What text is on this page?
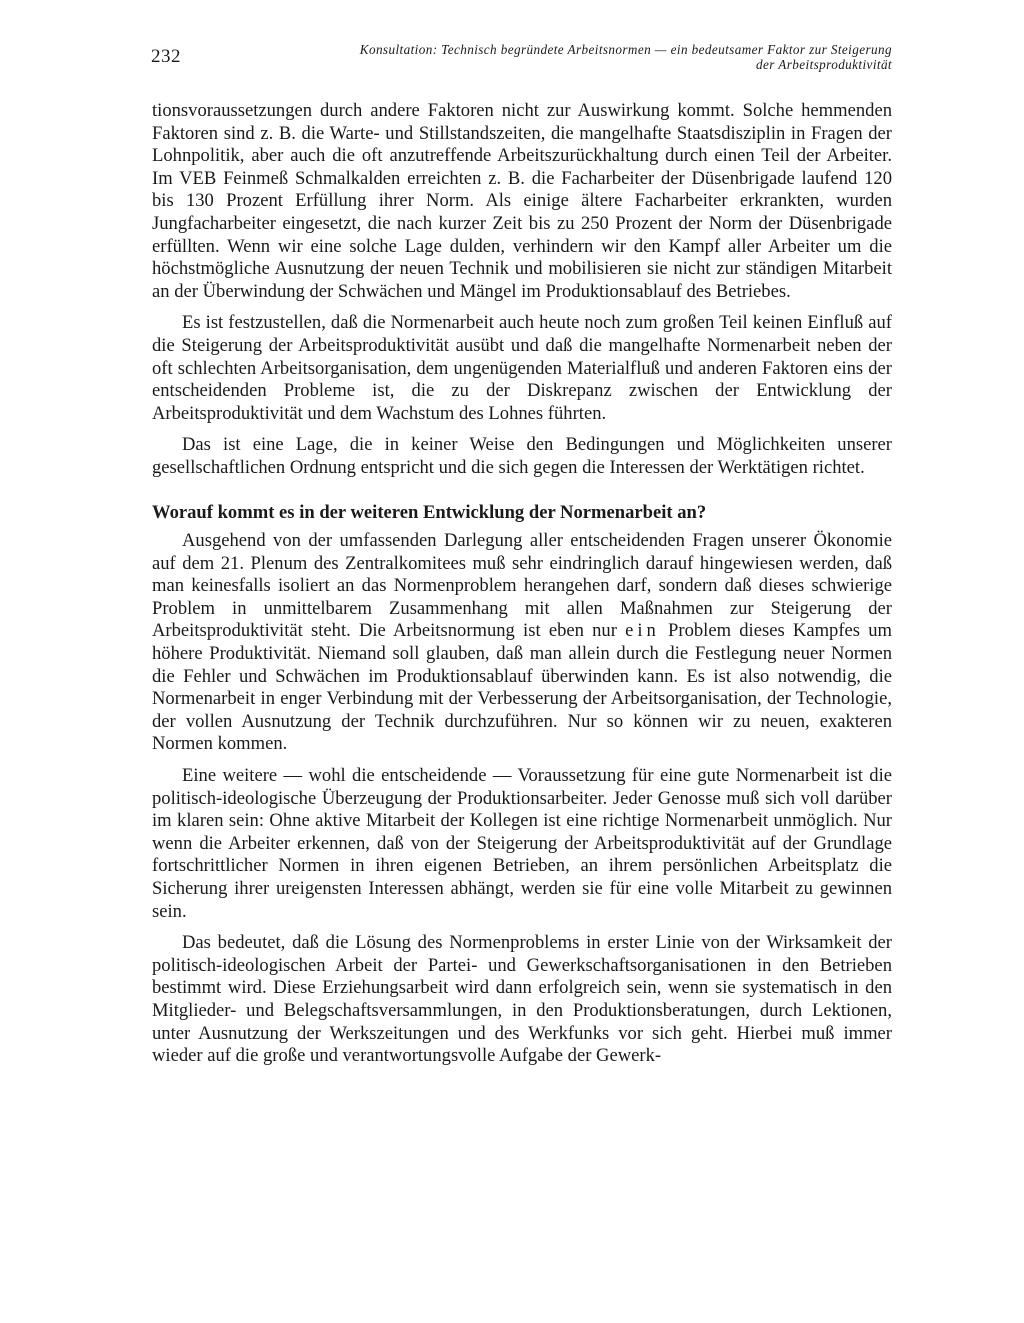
232	Konsultation: Technisch begründete Arbeitsnormen — ein bedeutsamer Faktor zur Steigerung
der Arbeitsproduktivität

tionsvoraussetzungen durch andere Faktoren nicht zur Auswirkung kommt. Solche hemmenden Faktoren sind z. B. die Warte- und Stillstandszeiten, die mangelhafte Staatsdisziplin in Fragen der Lohnpolitik, aber auch die oft anzutreffende Arbeitszurückhaltung durch einen Teil der Arbeiter. Im VEB Feinmeß Schmalkalden erreichten z. B. die Facharbeiter der Düsenbrigade laufend 120 bis 130 Prozent Erfüllung ihrer Norm. Als einige ältere Facharbeiter erkrankten, wurden Jungfacharbeiter eingesetzt, die nach kurzer Zeit bis zu 250 Prozent der Norm der Düsenbrigade erfüllten. Wenn wir eine solche Lage dulden, verhindern wir den Kampf aller Arbeiter um die höchstmögliche Ausnutzung der neuen Technik und mobilisieren sie nicht zur ständigen Mitarbeit an der Überwindung der Schwächen und Mängel im Produktionsablauf des Betriebes.

Es ist festzustellen, daß die Normenarbeit auch heute noch zum großen Teil keinen Einfluß auf die Steigerung der Arbeitsproduktivität ausübt und daß die mangelhafte Normenarbeit neben der oft schlechten Arbeitsorganisation, dem ungenügenden Materialfluß und anderen Faktoren eins der entscheidenden Probleme ist, die zu der Diskrepanz zwischen der Entwicklung der Arbeitsproduktivität und dem Wachstum des Lohnes führten.

Das ist eine Lage, die in keiner Weise den Bedingungen und Möglichkeiten unserer gesellschaftlichen Ordnung entspricht und die sich gegen die Interessen der Werktätigen richtet.

Worauf kommt es in der weiteren Entwicklung der Normenarbeit an?

Ausgehend von der umfassenden Darlegung aller entscheidenden Fragen unserer Ökonomie auf dem 21. Plenum des Zentralkomitees muß sehr eindringlich darauf hingewiesen werden, daß man keinesfalls isoliert an das Normenproblem herangehen darf, sondern daß dieses schwierige Problem in unmittelbarem Zusammenhang mit allen Maßnahmen zur Steigerung der Arbeitsproduktivität steht. Die Arbeitsnormung ist eben nur ein Problem dieses Kampfes um höhere Produktivität. Niemand soll glauben, daß man allein durch die Festlegung neuer Normen die Fehler und Schwächen im Produktionsablauf überwinden kann. Es ist also notwendig, die Normenarbeit in enger Verbindung mit der Verbesserung der Arbeitsorganisation, der Technologie, der vollen Ausnutzung der Technik durchzuführen. Nur so können wir zu neuen, exakteren Normen kommen.

Eine weitere — wohl die entscheidende — Voraussetzung für eine gute Normenarbeit ist die politisch-ideologische Überzeugung der Produktionsarbeiter. Jeder Genosse muß sich voll darüber im klaren sein: Ohne aktive Mitarbeit der Kollegen ist eine richtige Normenarbeit unmöglich. Nur wenn die Arbeiter erkennen, daß von der Steigerung der Arbeitsproduktivität auf der Grundlage fortschrittlicher Normen in ihren eigenen Betrieben, an ihrem persönlichen Arbeitsplatz die Sicherung ihrer ureigensten Interessen abhängt, werden sie für eine volle Mitarbeit zu gewinnen sein.

Das bedeutet, daß die Lösung des Normenproblems in erster Linie von der Wirksamkeit der politisch-ideologischen Arbeit der Partei- und Gewerkschaftsorganisationen in den Betrieben bestimmt wird. Diese Erziehungsarbeit wird dann erfolgreich sein, wenn sie systematisch in den Mitglieder- und Belegschaftsversammlungen, in den Produktionsberatungen, durch Lektionen, unter Ausnutzung der Werkszeitungen und des Werkfunks vor sich geht. Hierbei muß immer wieder auf die große und verantwortungsvolle Aufgabe der Gewerk-
